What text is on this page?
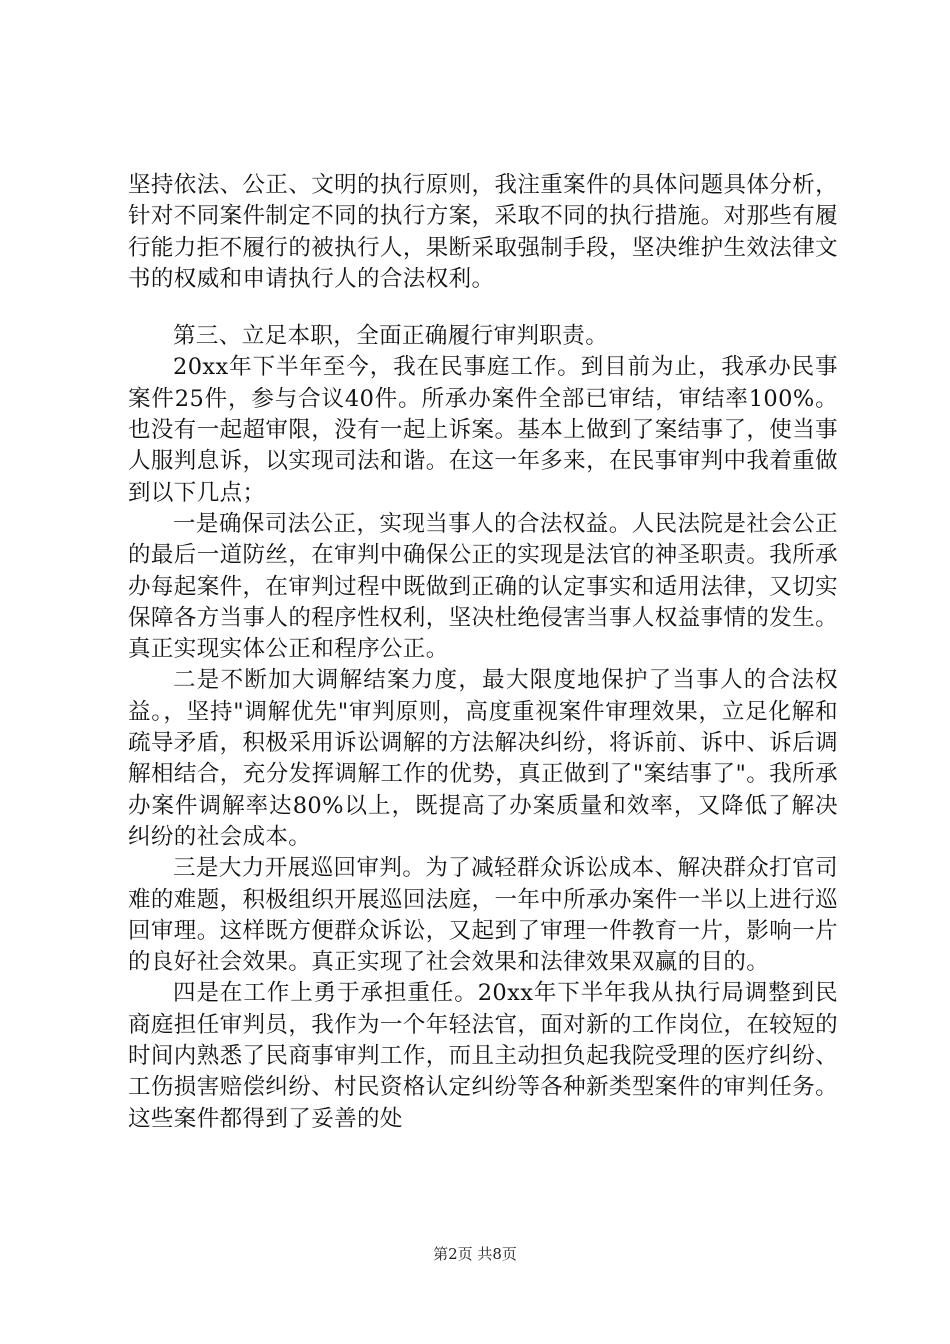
坚持依法、公正、文明的执行原则，我注重案件的具体问题具体分析，针对不同案件制定不同的执行方案，采取不同的执行措施。对那些有履行能力拒不履行的被执行人，果断采取强制手段，坚决维护生效法律文书的权威和申请执行人的合法权利。

第三、立足本职，全面正确履行审判职责。

20xx年下半年至今，我在民事庭工作。到目前为止，我承办民事案件25件，参与合议40件。所承办案件全部已审结，审结率100%。也没有一起超审限，没有一起上诉案。基本上做到了案结事了，使当事人服判息诉，以实现司法和谐。在这一年多来，在民事审判中我着重做到以下几点；

一是确保司法公正，实现当事人的合法权益。人民法院是社会公正的最后一道防丝，在审判中确保公正的实现是法官的神圣职责。我所承办每起案件，在审判过程中既做到正确的认定事实和适用法律，又切实保障各方当事人的程序性权利，坚决杜绝侵害当事人权益事情的发生。真正实现实体公正和程序公正。

二是不断加大调解结案力度，最大限度地保护了当事人的合法权益。，坚持"调解优先"审判原则，高度重视案件审理效果，立足化解和疏导矛盾，积极采用诉讼调解的方法解决纠纷，将诉前、诉中、诉后调解相结合，充分发挥调解工作的优势，真正做到了"案结事了"。我所承办案件调解率达80%以上，既提高了办案质量和效率，又降低了解决纠纷的社会成本。

三是大力开展巡回审判。为了减轻群众诉讼成本、解决群众打官司难的难题，积极组织开展巡回法庭，一年中所承办案件一半以上进行巡回审理。这样既方便群众诉讼，又起到了审理一件教育一片，影响一片的良好社会效果。真正实现了社会效果和法律效果双赢的目的。

四是在工作上勇于承担重任。20xx年下半年我从执行局调整到民商庭担任审判员，我作为一个年轻法官，面对新的工作岗位，在较短的时间内熟悉了民商事审判工作，而且主动担负起我院受理的医疗纠纷、工伤损害赔偿纠纷、村民资格认定纠纷等各种新类型案件的审判任务。这些案件都得到了妥善的处

第2页 共8页
